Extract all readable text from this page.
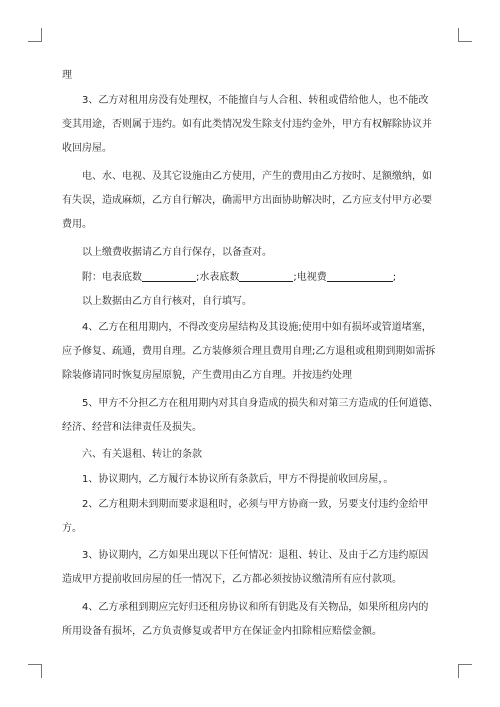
理

　　3、乙方对租用房没有处理权，不能擅自与人合租、转租或借给他人，也不能改
变其用途，否则属于违约。如有此类情况发生除支付违约金外，甲方有权解除协议并
收回房屋。

　　电、水、电视、及其它设施由乙方使用，产生的费用由乙方按时、足额缴纳，如
有失误，造成麻烦，乙方自行解决，确需甲方出面协助解决时，乙方应支付甲方必要
费用。

　　以上缴费收据请乙方自行保存，以备查对。

　　附：电表底数	;水表底数	;电视费	;

　　以上数据由乙方自行核对，自行填写。

　　4、乙方在租用期内，不得改变房屋结构及其设施;使用中如有损坏或管道堵塞，
应予修复、疏通，费用自理。乙方装修须合理且费用自理;乙方退租或租期到期如需拆
除装修请同时恢复房屋原貌，产生费用由乙方自理。并按违约处理

　　5、甲方不分担乙方在租用期内对其自身造成的损失和对第三方造成的任何道德、
经济、经营和法律责任及损失。

　　六、有关退租、转让的条款

　　1、协议期内，乙方履行本协议所有条款后，甲方不得提前收回房屋，。

　　2、乙方租期未到期而要求退租时，必须与甲方协商一致，另要支付违约金给甲
方。

　　3、协议期内，乙方如果出现以下任何情况：退租、转让、及由于乙方违约原因
造成甲方提前收回房屋的任一情况下，乙方都必须按协议缴清所有应付款项。

　　4、乙方承租到期应完好归还租房协议和所有钥匙及有关物品，如果所租房内的
所用设备有损坏，乙方负责修复或者甲方在保证金内扣除相应赔偿金额。
